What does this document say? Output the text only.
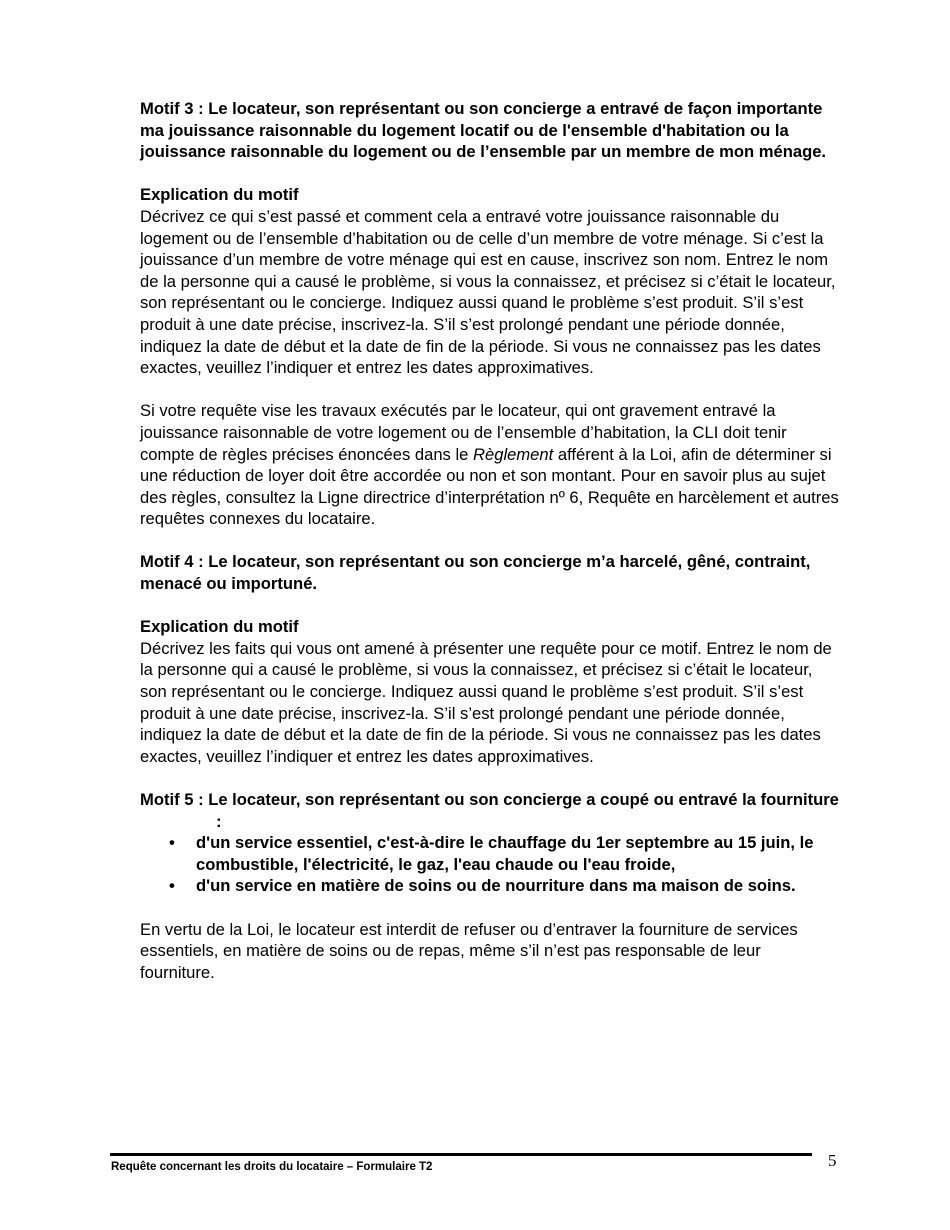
Motif 3 : Le locateur, son représentant ou son concierge a entravé de façon importante ma jouissance raisonnable du logement locatif ou de l'ensemble d'habitation ou la jouissance raisonnable du logement ou de l’ensemble par un membre de mon ménage.

Explication du motif

Décrivez ce qui s’est passé et comment cela a entravé votre jouissance raisonnable du logement ou de l’ensemble d’habitation ou de celle d’un membre de votre ménage. Si c’est la jouissance d’un membre de votre ménage qui est en cause, inscrivez son nom. Entrez le nom de la personne qui a causé le problème, si vous la connaissez, et précisez si c’était le locateur, son représentant ou le concierge. Indiquez aussi quand le problème s’est produit. S’il s’est produit à une date précise, inscrivez-la. S’il s’est prolongé pendant une période donnée, indiquez la date de début et la date de fin de la période. Si vous ne connaissez pas les dates exactes, veuillez l’indiquer et entrez les dates approximatives.

Si votre requête vise les travaux exécutés par le locateur, qui ont gravement entravé la jouissance raisonnable de votre logement ou de l’ensemble d’habitation, la CLI doit tenir compte de règles précises énoncées dans le Règlement afférent à la Loi, afin de déterminer si une réduction de loyer doit être accordée ou non et son montant. Pour en savoir plus au sujet des règles, consultez la Ligne directrice d’interprétation nº 6, Requête en harcèlement et autres requêtes connexes du locataire.

Motif 4 : Le locateur, son représentant ou son concierge m’a harcelé, gêné, contraint, menacé ou importuné.

Explication du motif

Décrivez les faits qui vous ont amené à présenter une requête pour ce motif. Entrez le nom de la personne qui a causé le problème, si vous la connaissez, et précisez si c’était le locateur, son représentant ou le concierge. Indiquez aussi quand le problème s’est produit. S’il s’est produit à une date précise, inscrivez-la. S’il s’est prolongé pendant une période donnée, indiquez la date de début et la date de fin de la période. Si vous ne connaissez pas les dates exactes, veuillez l’indiquer et entrez les dates approximatives.

Motif 5 : Le locateur, son représentant ou son concierge a coupé ou entravé la fourniture :

• d'un service essentiel, c'est-à-dire le chauffage du 1er septembre au 15 juin, le combustible, l'électricité, le gaz, l'eau chaude ou l'eau froide,
• d'un service en matière de soins ou de nourriture dans ma maison de soins.

En vertu de la Loi, le locateur est interdit de refuser ou d’entraver la fourniture de services essentiels, en matière de soins ou de repas, même s’il n’est pas responsable de leur fourniture.

5
Requête concernant les droits du locataire – Formulaire T2
